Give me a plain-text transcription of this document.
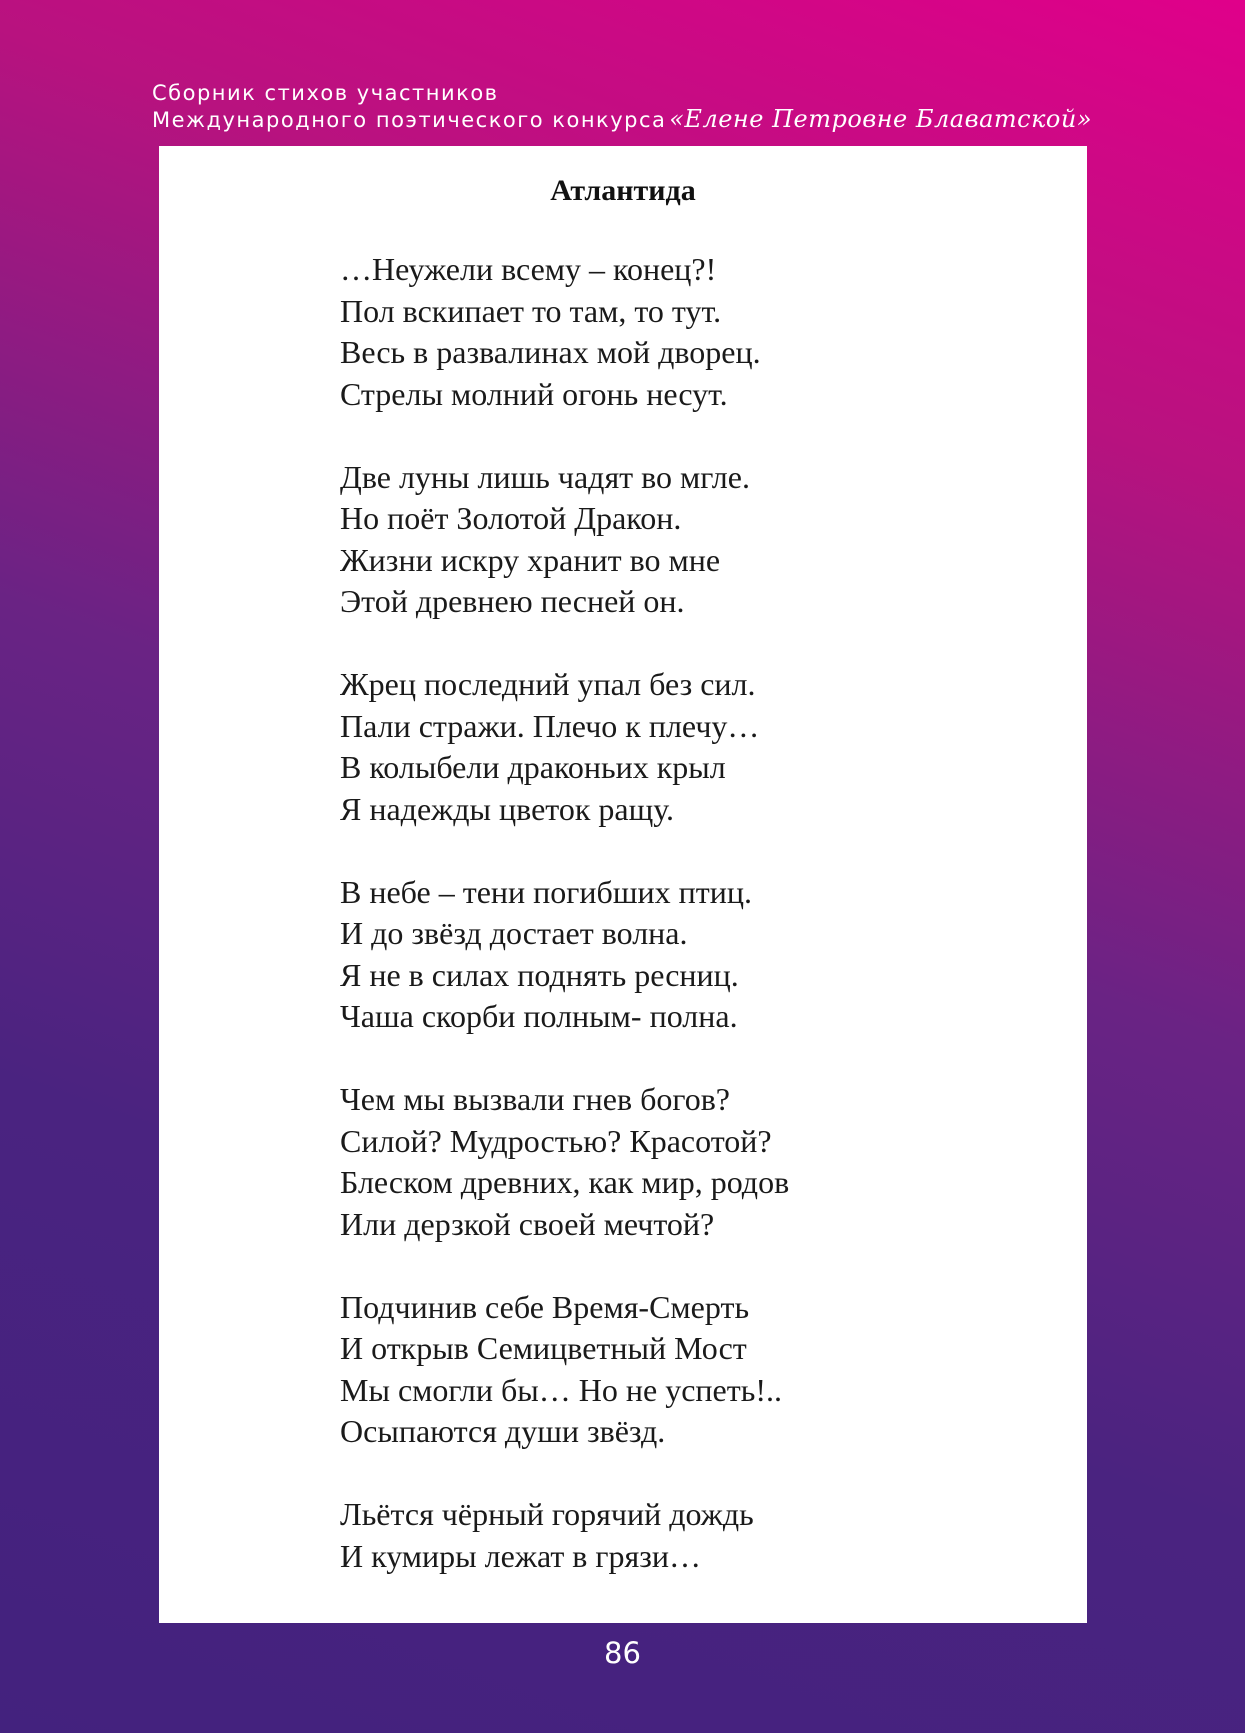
Сборник стихов участников
Международного поэтического конкурса «Елене Петровне Блаватской»
Атлантида
…Неужели всему – конец?!
Пол вскипает то там, то тут.
Весь в развалинах мой дворец.
Стрелы молний огонь несут.
Две луны лишь чадят во мгле.
Но поёт Золотой Дракон.
Жизни искру хранит во мне
Этой древнею песней он.
Жрец последний упал без сил.
Пали стражи. Плечо к плечу…
В колыбели драконьих крыл
Я надежды цветок ращу.
В небе – тени погибших птиц.
И до звёзд достает волна.
Я не в силах поднять ресниц.
Чаша скорби полным- полна.
Чем мы вызвали гнев богов?
Силой? Мудростью? Красотой?
Блеском древних, как мир, родов
Или дерзкой своей мечтой?
Подчинив себе Время-Смерть
И открыв Семицветный Мост
Мы смогли бы… Но не успеть!..
Осыпаются души звёзд.
Льётся чёрный горячий дождь
И кумиры лежат в грязи…
86
